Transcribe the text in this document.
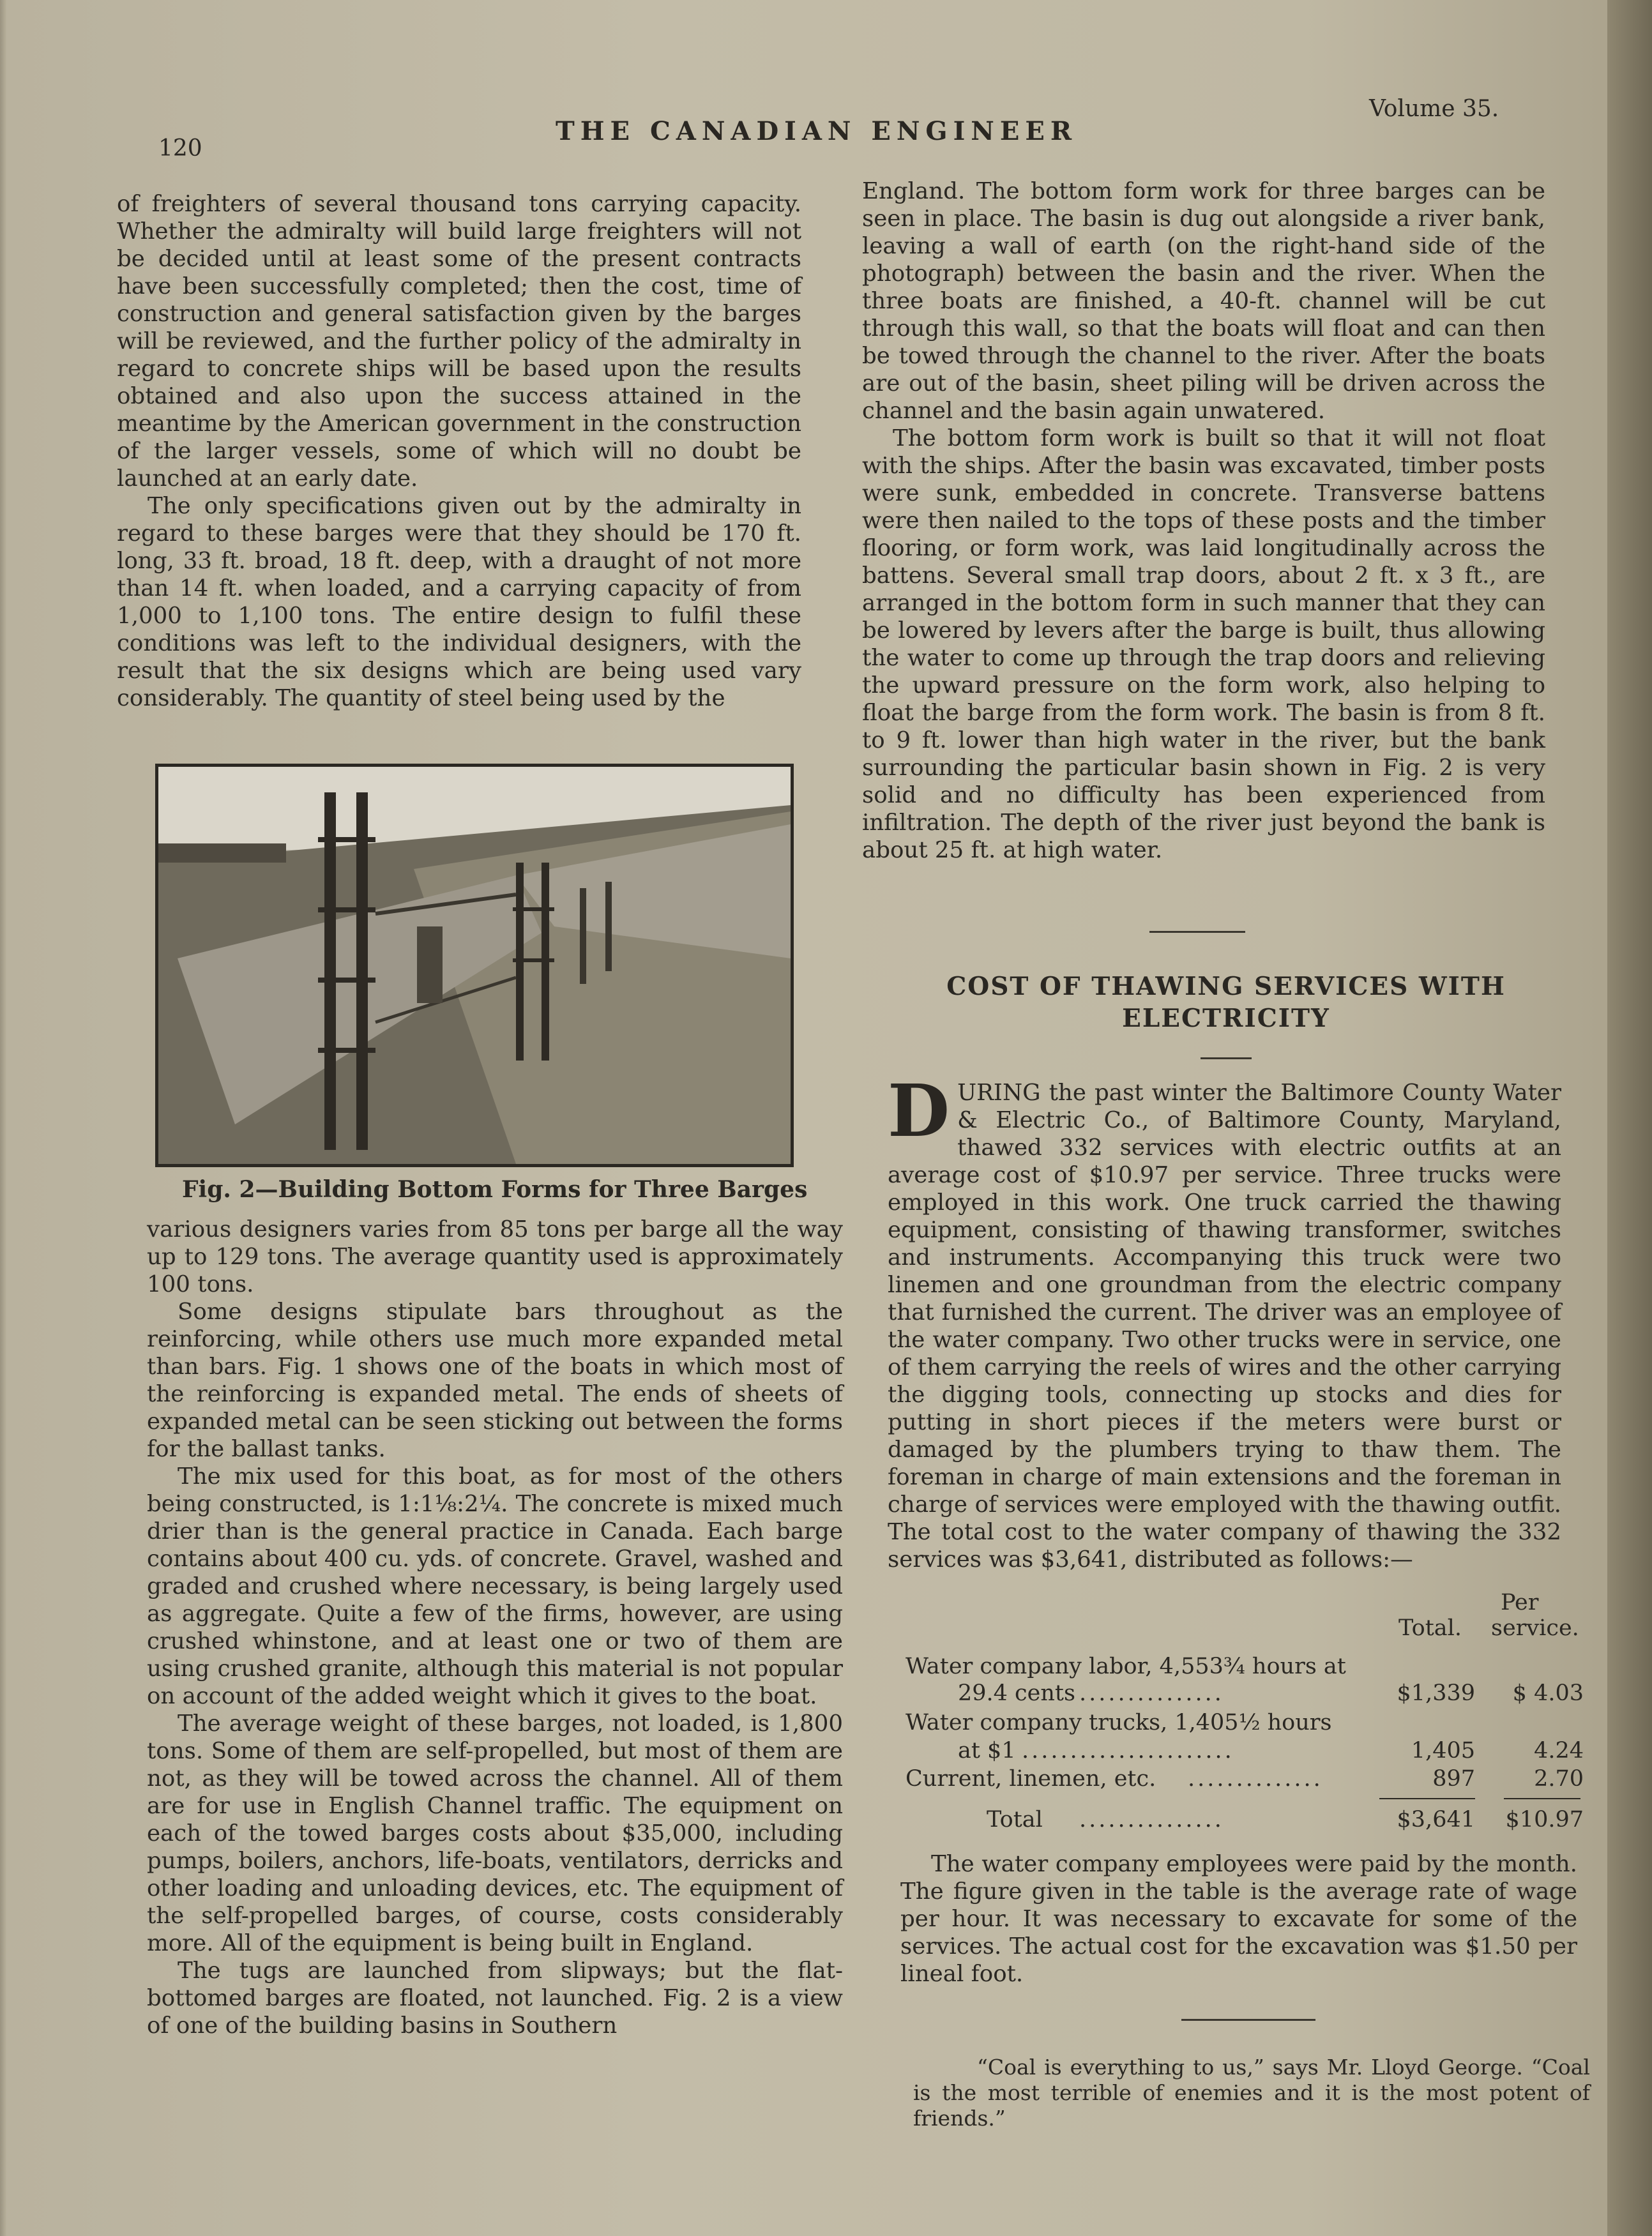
120
THE CANADIAN ENGINEER
Volume 35.

of freighters of several thousand tons carrying capacity. Whether the admiralty will build large freighters will not be decided until at least some of the present contracts have been successfully completed; then the cost, time of construction and general satisfaction given by the barges will be reviewed, and the further policy of the admiralty in regard to concrete ships will be based upon the results obtained and also upon the success attained in the meantime by the American government in the construction of the larger vessels, some of which will no doubt be launched at an early date.

The only specifications given out by the admiralty in regard to these barges were that they should be 170 ft. long, 33 ft. broad, 18 ft. deep, with a draught of not more than 14 ft. when loaded, and a carrying capacity of from 1,000 to 1,100 tons. The entire design to fulfil these conditions was left to the individual designers, with the result that the six designs which are being used vary considerably. The quantity of steel being used by the

Fig. 2—Building Bottom Forms for Three Barges

various designers varies from 85 tons per barge all the way up to 129 tons. The average quantity used is approximately 100 tons.

Some designs stipulate bars throughout as the reinforcing, while others use much more expanded metal than bars. Fig. 1 shows one of the boats in which most of the reinforcing is expanded metal. The ends of sheets of expanded metal can be seen sticking out between the forms for the ballast tanks.

The mix used for this boat, as for most of the others being constructed, is 1:1⅛:2¼. The concrete is mixed much drier than is the general practice in Canada. Each barge contains about 400 cu. yds. of concrete. Gravel, washed and graded and crushed where necessary, is being largely used as aggregate. Quite a few of the firms, however, are using crushed whinstone, and at least one or two of them are using crushed granite, although this material is not popular on account of the added weight which it gives to the boat.

The average weight of these barges, not loaded, is 1,800 tons. Some of them are self-propelled, but most of them are not, as they will be towed across the channel. All of them are for use in English Channel traffic. The equipment on each of the towed barges costs about $35,000, including pumps, boilers, anchors, life-boats, ventilators, derricks and other loading and unloading devices, etc. The equipment of the self-propelled barges, of course, costs considerably more. All of the equipment is being built in England.

The tugs are launched from slipways; but the flat-bottomed barges are floated, not launched. Fig. 2 is a view of one of the building basins in Southern

England. The bottom form work for three barges can be seen in place. The basin is dug out alongside a river bank, leaving a wall of earth (on the right-hand side of the photograph) between the basin and the river. When the three boats are finished, a 40-ft. channel will be cut through this wall, so that the boats will float and can then be towed through the channel to the river. After the boats are out of the basin, sheet piling will be driven across the channel and the basin again unwatered.

The bottom form work is built so that it will not float with the ships. After the basin was excavated, timber posts were sunk, embedded in concrete. Transverse battens were then nailed to the tops of these posts and the timber flooring, or form work, was laid longitudinally across the battens. Several small trap doors, about 2 ft. x 3 ft., are arranged in the bottom form in such manner that they can be lowered by levers after the barge is built, thus allowing the water to come up through the trap doors and relieving the upward pressure on the form work, also helping to float the barge from the form work. The basin is from 8 ft. to 9 ft. lower than high water in the river, but the bank surrounding the particular basin shown in Fig. 2 is very solid and no difficulty has been experienced from infiltration. The depth of the river just beyond the bank is about 25 ft. at high water.

COST OF THAWING SERVICES WITH ELECTRICITY

DURING the past winter the Baltimore County Water & Electric Co., of Baltimore County, Maryland, thawed 332 services with electric outfits at an average cost of $10.97 per service. Three trucks were employed in this work. One truck carried the thawing equipment, consisting of thawing transformer, switches and instruments. Accompanying this truck were two linemen and one groundman from the electric company that furnished the current. The driver was an employee of the water company. Two other trucks were in service, one of them carrying the reels of wires and the other carrying the digging tools, connecting up stocks and dies for putting in short pieces if the meters were burst or damaged by the plumbers trying to thaw them. The foreman in charge of main extensions and the foreman in charge of services were employed with the thawing outfit. The total cost to the water company of thawing the 332 services was $3,641, distributed as follows:—

Per
Total. service.
Water company labor, 4,553¾ hours at
29.4 cents ...............	$1,339 $ 4.03
Water company trucks, 1,405½ hours
at $1 ......................	1,405	4.24
Current, linemen, etc. ..............	897	2.70
Total ...............	$3,641 $10.97

The water company employees were paid by the month. The figure given in the table is the average rate of wage per hour. It was necessary to excavate for some of the services. The actual cost for the excavation was $1.50 per lineal foot.

“Coal is everything to us,” says Mr. Lloyd George. “Coal is the most terrible of enemies and it is the most potent of friends.”
